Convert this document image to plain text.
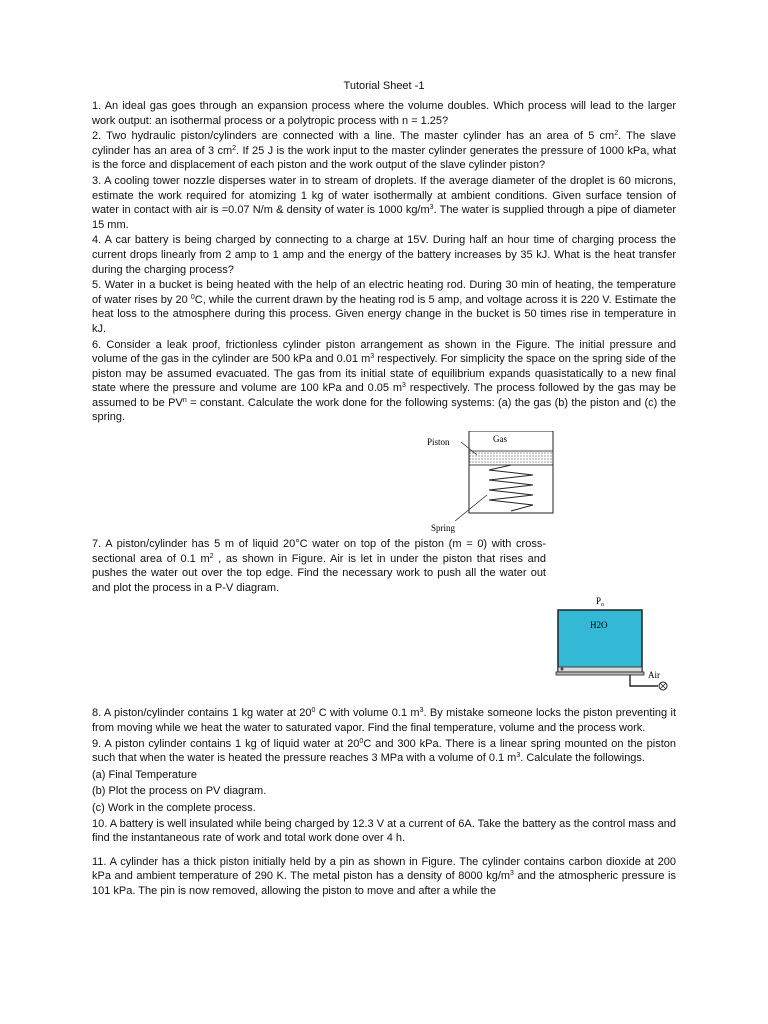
Tutorial Sheet -1

1. An ideal gas goes through an expansion process where the volume doubles. Which process will lead to the larger work output: an isothermal process or a polytropic process with n = 1.25?

2. Two hydraulic piston/cylinders are connected with a line. The master cylinder has an area of 5 $cm^2$. The slave cylinder has an area of 3 $cm^2$. If 25 J is the work input to the master cylinder generates the pressure of 1000 kPa, what is the force and displacement of each piston and the work output of the slave cylinder piston?

3. A cooling tower nozzle disperses water in to stream of droplets. If the average diameter of the droplet is 60 microns, estimate the work required for atomizing 1 kg of water isothermally at ambient conditions. Given surface tension of water in contact with air is =0.07 N/m & density of water is 1000 $kg/m^3$. The water is supplied through a pipe of diameter 15 mm.

4. A car battery is being charged by connecting to a charge at 15V. During half an hour time of charging process the current drops linearly from 2 amp to 1 amp and the energy of the battery increases by 35 kJ. What is the heat transfer during the charging process?

5. Water in a bucket is being heated with the help of an electric heating rod. During 30 min of heating, the temperature of water rises by 20 $^0$C, while the current drawn by the heating rod is 5 amp, and voltage across it is 220 V. Estimate the heat loss to the atmosphere during this process. Given energy change in the bucket is 50 times rise in temperature in kJ.

6. Consider a leak proof, frictionless cylinder piston arrangement as shown in the Figure. The initial pressure and volume of the gas in the cylinder are 500 kPa and 0.01 $m^3$ respectively. For simplicity the space on the spring side of the piston may be assumed evacuated. The gas from its initial state of equilibrium expands quasistatically to a new final state where the pressure and volume are 100 kPa and 0.05 $m^3$ respectively. The process followed by the gas may be assumed to be $PV^n$ = constant. Calculate the work done for the following systems: (a) the gas (b) the piston and (c) the spring.

Piston	Gas
Spring

7. A piston/cylinder has 5 m of liquid 20°C water on top of the piston (m = 0) with cross-sectional area of 0.1 $m^2$ , as shown in Figure. Air is let in under the piston that rises and pushes the water out over the top edge. Find the necessary work to push all the water out and plot the process in a P-V diagram.

$P_o$
H2O
Air

8. A piston/cylinder contains 1 kg water at $20^0$ C with volume 0.1 $m^3$. By mistake someone locks the piston preventing it from moving while we heat the water to saturated vapor. Find the final temperature, volume and the process work.

9. A piston cylinder contains 1 kg of liquid water at $20^0C$ and 300 kPa. There is a linear spring mounted on the piston such that when the water is heated the pressure reaches 3 MPa with a volume of 0.1 $m^3$. Calculate the followings.

(a) Final Temperature

(b) Plot the process on PV diagram.

(c) Work in the complete process.

10. A battery is well insulated while being charged by 12.3 V at a current of 6A. Take the battery as the control mass and find the instantaneous rate of work and total work done over 4 h.

11. A cylinder has a thick piston initially held by a pin as shown in Figure. The cylinder contains carbon dioxide at 200 kPa and ambient temperature of 290 K. The metal piston has a density of 8000 $kg/m^3$ and the atmospheric pressure is 101 kPa. The pin is now removed, allowing the piston to move and after a while the
